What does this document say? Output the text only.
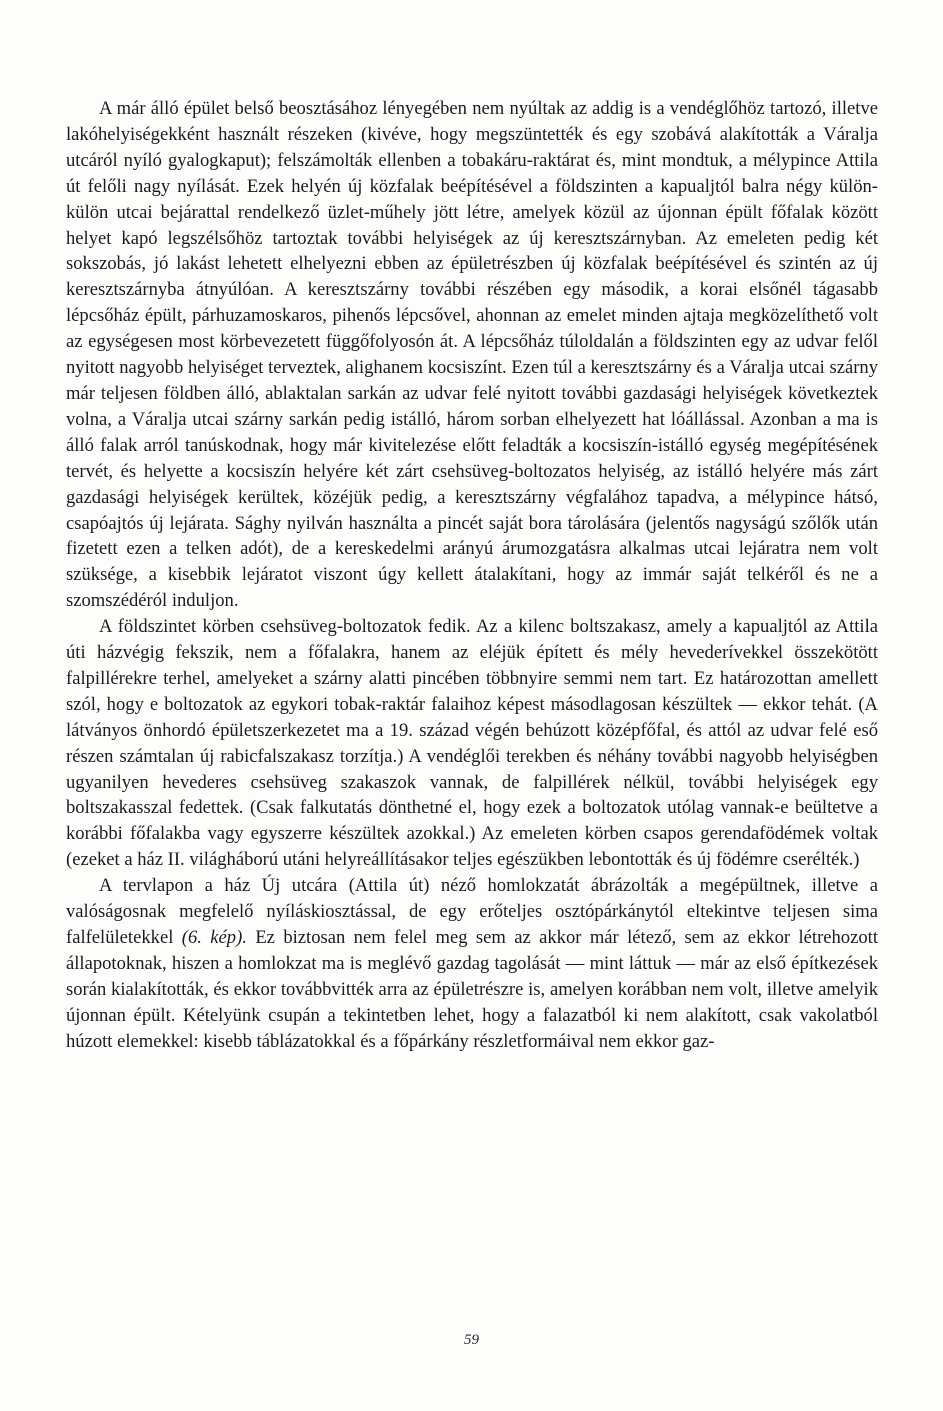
A már álló épület belső beosztásához lényegében nem nyúltak az addig is a vendéglőhöz tartozó, illetve lakóhelyiségekként használt részeken (kivéve, hogy megszüntették és egy szobává alakították a Váralja utcáról nyíló gyalogkaput); felszámolták ellenben a tobakáru-raktárat és, mint mondtuk, a mélypince Attila út felőli nagy nyílását. Ezek helyén új közfalak beépítésével a földszinten a kapualjtól balra négy külön-külön utcai bejárattal rendelkező üzlet-műhely jött létre, amelyek közül az újonnan épült főfalak között helyet kapó legszélsőhöz tartoztak további helyiségek az új keresztszárnyban. Az emeleten pedig két sokszobás, jó lakást lehetett elhelyezni ebben az épületrészben új közfalak beépítésével és szintén az új keresztszárnyba átnyúlóan. A keresztszárny további részében egy második, a korai elsőnél tágasabb lépcsőház épült, párhuzamoskaros, pihenős lépcsővel, ahonnan az emelet minden ajtaja megközelíthető volt az egységesen most körbevezetett függőfolyosón át. A lépcsőház túloldalán a földszinten egy az udvar felől nyitott nagyobb helyiséget terveztek, alighanem kocsiszínt. Ezen túl a keresztszárny és a Váralja utcai szárny már teljesen földben álló, ablaktalan sarkán az udvar felé nyitott további gazdasági helyiségek következtek volna, a Váralja utcai szárny sarkán pedig istálló, három sorban elhelyezett hat lóállással. Azonban a ma is álló falak arról tanúskodnak, hogy már kivitelezése előtt feladták a kocsiszín-istálló egység megépítésének tervét, és helyette a kocsiszín helyére két zárt csehsüveg-boltozatos helyiség, az istálló helyére más zárt gazdasági helyiségek kerültek, közéjük pedig, a keresztszárny végfalához tapadva, a mélypince hátsó, csapóajtós új lejárata. Sághy nyilván használta a pincét saját bora tárolására (jelentős nagyságú szőlők után fizetett ezen a telken adót), de a kereskedelmi arányú árumozgatásra alkalmas utcai lejáratra nem volt szüksége, a kisebbik lejáratot viszont úgy kellett átalakítani, hogy az immár saját telkéről és ne a szomszédéról induljon.

A földszintet körben csehsüveg-boltozatok fedik. Az a kilenc boltszakasz, amely a kapualjtól az Attila úti házvégig fekszik, nem a főfalakra, hanem az eléjük épített és mély hevederívekkel összekötött falpillérekre terhel, amelyeket a szárny alatti pincében többnyire semmi nem tart. Ez határozottan amellett szól, hogy e boltozatok az egykori tobak-raktár falaihoz képest másodlagosan készültek — ekkor tehát. (A látványos önhordó épületszerkezetet ma a 19. század végén behúzott középfőfal, és attól az udvar felé eső részen számtalan új rabicfalszakasz torzítja.) A vendéglői terekben és néhány további nagyobb helyiségben ugyanilyen hevederes csehsüveg szakaszok vannak, de falpillérek nélkül, további helyiségek egy boltszakasszal fedettek. (Csak falkutatás dönthetné el, hogy ezek a boltozatok utólag vannak-e beültetve a korábbi főfalakba vagy egyszerre készültek azokkal.) Az emeleten körben csapos gerendafödémek voltak (ezeket a ház II. világháború utáni helyreállításakor teljes egészükben lebontották és új födémre cserélték.)

A tervlapon a ház Új utcára (Attila út) néző homlokzatát ábrázolták a megépültnek, illetve a valóságosnak megfelelő nyíláskiosztással, de egy erőteljes osztópárkánytól eltekintve teljesen sima falfelületekkel (6. kép). Ez biztosan nem felel meg sem az akkor már létező, sem az ekkor létrehozott állapotoknak, hiszen a homlokzat ma is meglévő gazdag tagolását — mint láttuk — már az első építkezések során kialakították, és ekkor továbbvitték arra az épületrészre is, amelyen korábban nem volt, illetve amelyik újonnan épült. Kételyünk csupán a tekintetben lehet, hogy a falazatból ki nem alakított, csak vakolatból húzott elemekkel: kisebb táblázatokkal és a főpárkány részletformáival nem ekkor gaz-

59
